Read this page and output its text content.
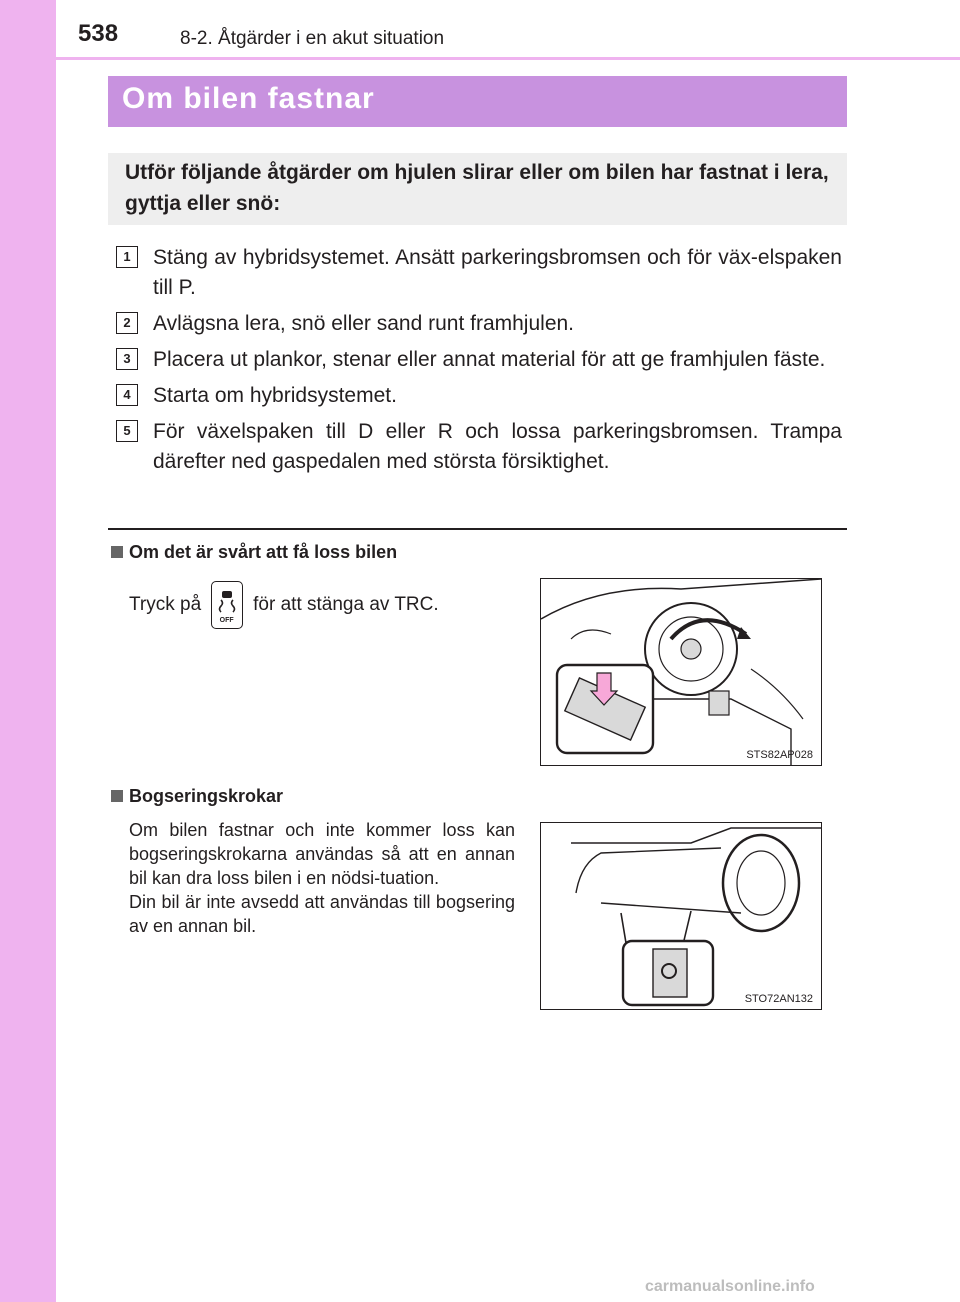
538	8-2. Åtgärder i en akut situation
Om bilen fastnar
Utför följande åtgärder om hjulen slirar eller om bilen har fastnat i lera, gyttja eller snö:
1	Stäng av hybridsystemet. Ansätt parkeringsbromsen och för väx-elspaken till P.
2	Avlägsna lera, snö eller sand runt framhjulen.
3	Placera ut plankor, stenar eller annat material för att ge framhjulen fäste.
4	Starta om hybridsystemet.
5	För växelspaken till D eller R och lossa parkeringsbromsen. Trampa därefter ned gaspedalen med största försiktighet.
Om det är svårt att få loss bilen
Tryck på
OFF
för att stänga av TRC.
STS82AP028
Bogseringskrokar
Om bilen fastnar och inte kommer loss kan bogseringskrokarna användas så att en annan bil kan dra loss bilen i en nödsi-tuation.
Din bil är inte avsedd att användas till bogsering av en annan bil.
STO72AN132
carmanualsonline.info
